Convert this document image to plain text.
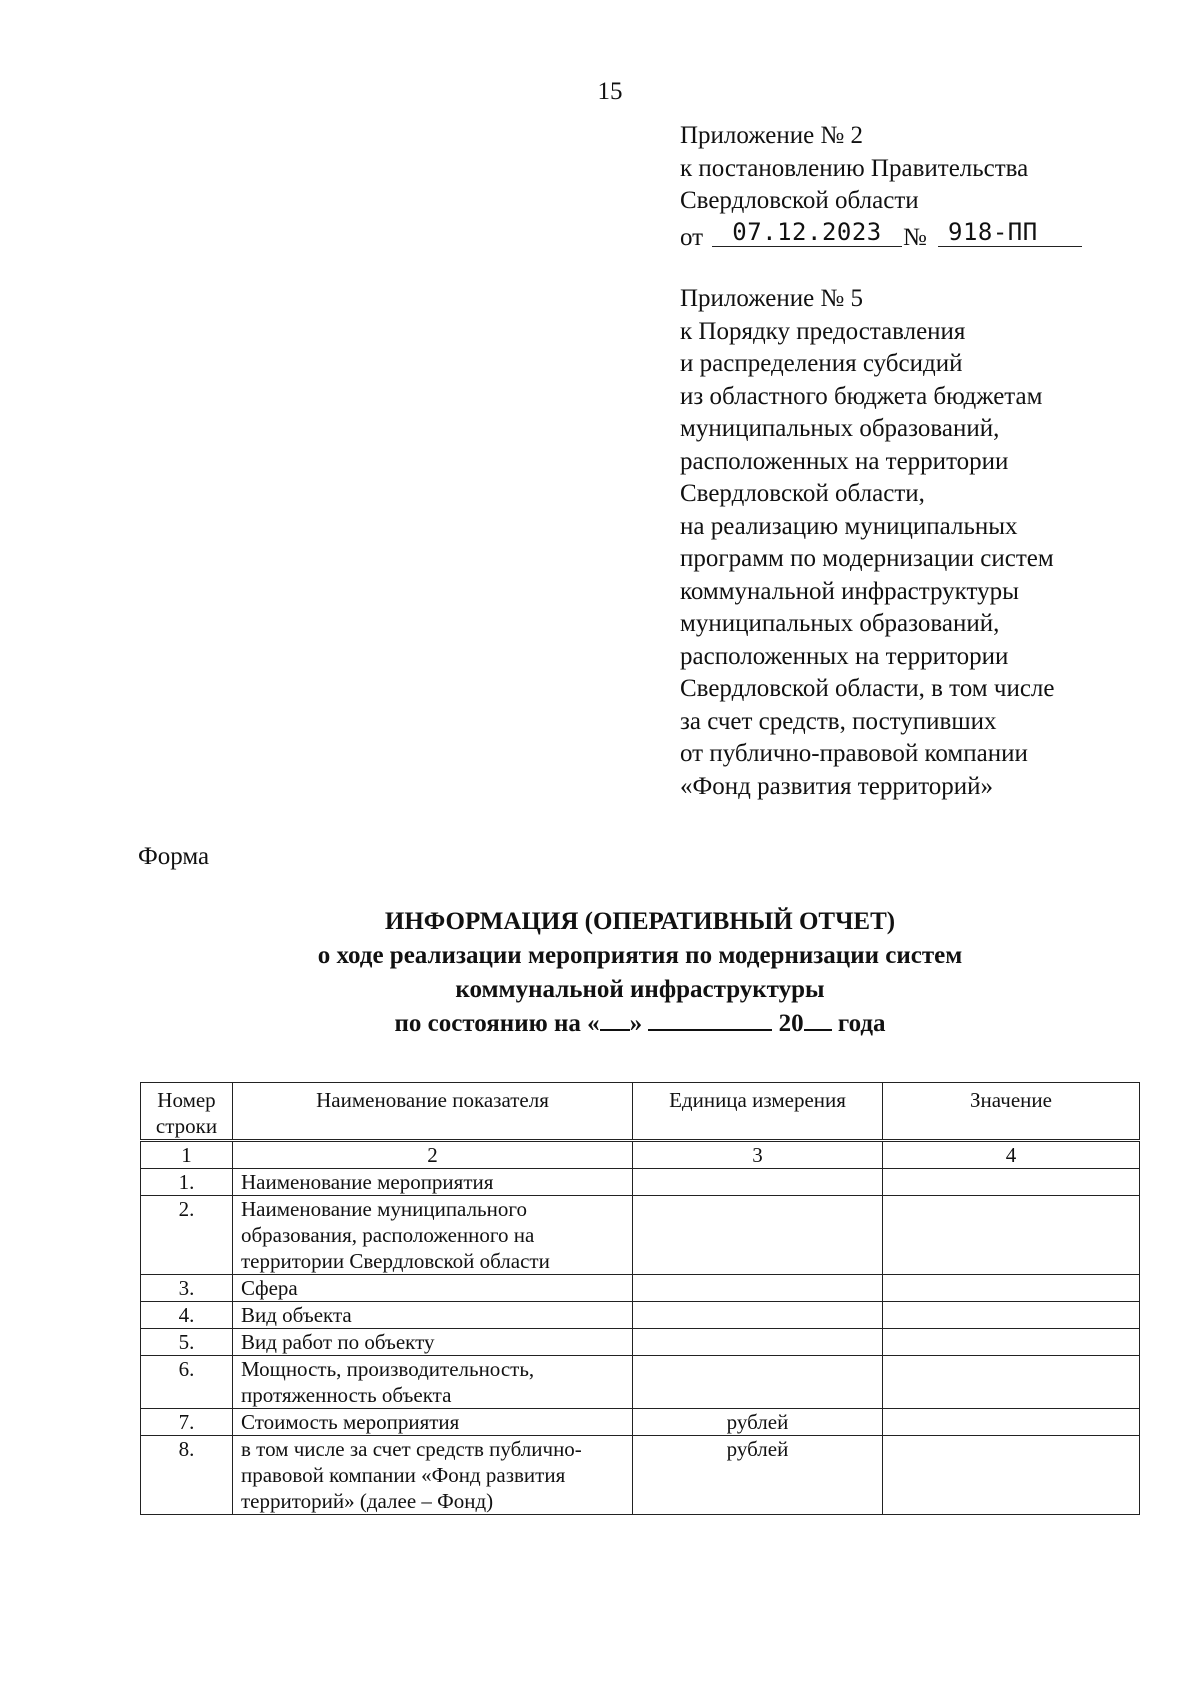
15
Приложение № 2
к постановлению Правительства
Свердловской области
от	07.12.2023 № 918-ПП
Приложение № 5
к Порядку предоставления
и распределения субсидий
из областного бюджета бюджетам
муниципальных образований,
расположенных на территории
Свердловской области,
на реализацию муниципальных
программ по модернизации систем
коммунальной инфраструктуры
муниципальных образований,
расположенных на территории
Свердловской области, в том числе
за счет средств, поступивших
от публично-правовой компании
«Фонд развития территорий»
Форма
ИНФОРМАЦИЯ (ОПЕРАТИВНЫЙ ОТЧЕТ)
о ходе реализации мероприятия по модернизации систем
коммунальной инфраструктуры
по состоянию на « »	20 года
Номер строки	Наименование показателя	Единица измерения	Значение
1	2	3	4
1.	Наименование мероприятия		
2.	Наименование муниципального образования, расположенного на территории Свердловской области		
3.	Сфера		
4.	Вид объекта		
5.	Вид работ по объекту		
6.	Мощность, производительность, протяженность объекта		
7.	Стоимость мероприятия	рублей	
8.	в том числе за счет средств публично-правовой компании «Фонд развития территорий» (далее – Фонд)	рублей	
